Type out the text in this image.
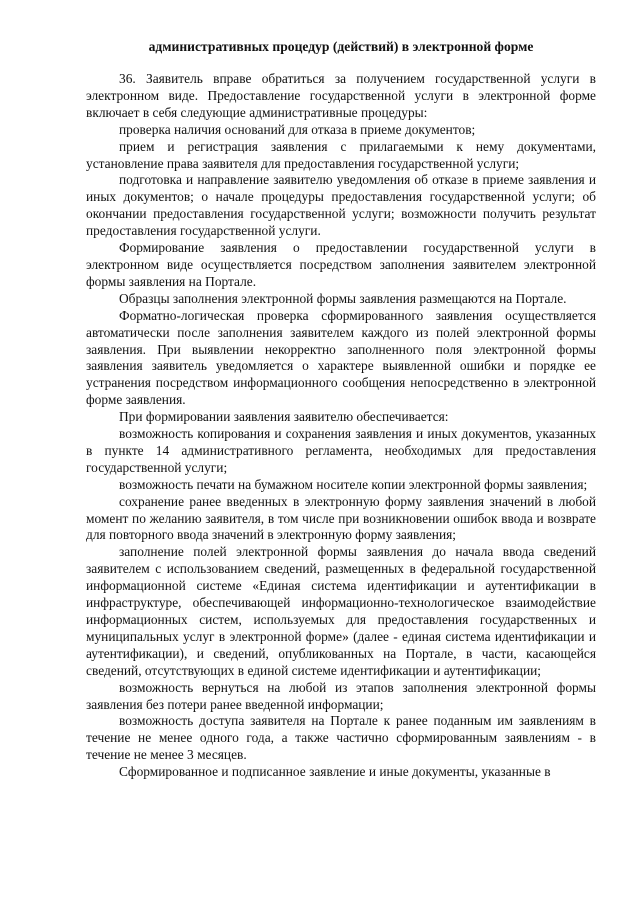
административных процедур (действий) в электронной форме

36. Заявитель вправе обратиться за получением государственной услуги в электронном виде. Предоставление государственной услуги в электронной форме включает в себя следующие административные процедуры:

проверка наличия оснований для отказа в приеме документов;

прием и регистрация заявления с прилагаемыми к нему документами, установление права заявителя для предоставления государственной услуги;

подготовка и направление заявителю уведомления об отказе в приеме заявления и иных документов; о начале процедуры предоставления государственной услуги; об окончании предоставления государственной услуги; возможности получить результат предоставления государственной услуги.

Формирование заявления о предоставлении государственной услуги в электронном виде осуществляется посредством заполнения заявителем электронной формы заявления на Портале.

Образцы заполнения электронной формы заявления размещаются на Портале.

Форматно-логическая проверка сформированного заявления осуществляется автоматически после заполнения заявителем каждого из полей электронной формы заявления. При выявлении некорректно заполненного поля электронной формы заявления заявитель уведомляется о характере выявленной ошибки и порядке ее устранения посредством информационного сообщения непосредственно в электронной форме заявления.

При формировании заявления заявителю обеспечивается:

возможность копирования и сохранения заявления и иных документов, указанных в пункте 14 административного регламента, необходимых для предоставления государственной услуги;

возможность печати на бумажном носителе копии электронной формы заявления;

сохранение ранее введенных в электронную форму заявления значений в любой момент по желанию заявителя, в том числе при возникновении ошибок ввода и возврате для повторного ввода значений в электронную форму заявления;

заполнение полей электронной формы заявления до начала ввода сведений заявителем с использованием сведений, размещенных в федеральной государственной информационной системе «Единая система идентификации и аутентификации в инфраструктуре, обеспечивающей информационно-технологическое взаимодействие информационных систем, используемых для предоставления государственных и муниципальных услуг в электронной форме» (далее - единая система идентификации и аутентификации), и сведений, опубликованных на Портале, в части, касающейся сведений, отсутствующих в единой системе идентификации и аутентификации;

возможность вернуться на любой из этапов заполнения электронной формы заявления без потери ранее введенной информации;

возможность доступа заявителя на Портале к ранее поданным им заявлениям в течение не менее одного года, а также частично сформированным заявлениям - в течение не менее 3 месяцев.

Сформированное и подписанное заявление и иные документы, указанные в
